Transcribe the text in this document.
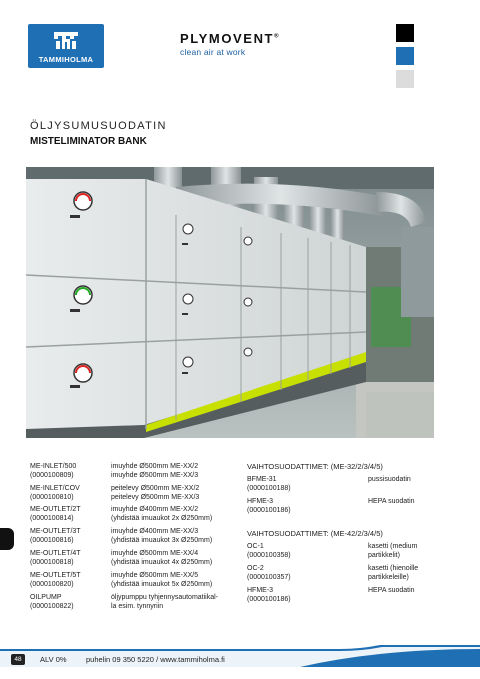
TAMMIHOLMA
PLYMOVENT®
clean air at work
ÖLJYSUMUSUODATIN
MISTELIMINATOR BANK
ME-INLET/500
(0000100809)
imuyhde Ø500mm ME-XX/2
imuyhde Ø500mm ME-XX/3
ME-INLET/COV
(0000100810)
peitelevy Ø500mm ME-XX/2
peitelevy Ø500mm ME-XX/3
ME-OUTLET/2T
(0000100814)
imuyhde Ø400mm ME-XX/2
(yhdistää imuaukot 2x Ø250mm)
ME-OUTLET/3T
(0000100816)
imuyhde Ø400mm ME-XX/3
(yhdistää imuaukot 3x Ø250mm)
ME-OUTLET/4T
(0000100818)
imuyhde Ø500mm ME-XX/4
(yhdistää imuaukot 4x Ø250mm)
ME-OUTLET/5T
(0000100820)
imuyhde Ø500mm ME-XX/5
(yhdistää imuaukot 5x Ø250mm)
OILPUMP
(0000100822)
öljypumppu tyhjennysautomatiikal-
la esim. tynnyriin
VAIHTOSUODATTIMET: (ME-32/2/3/4/5)
BFME-31
(0000100188)
pussisuodatin
HFME-3
(0000100186)
HEPA suodatin
VAIHTOSUODATTIMET: (ME-42/2/3/4/5)
OC-1
(0000100358)
kasetti (medium
partikkelit)
OC-2
(0000100357)
kasetti (hienoille
partikkeleille)
HFME-3
(0000100186)
HEPA suodatin
48	ALV 0%	puhelin 09 350 5220 / www.tammiholma.fi
